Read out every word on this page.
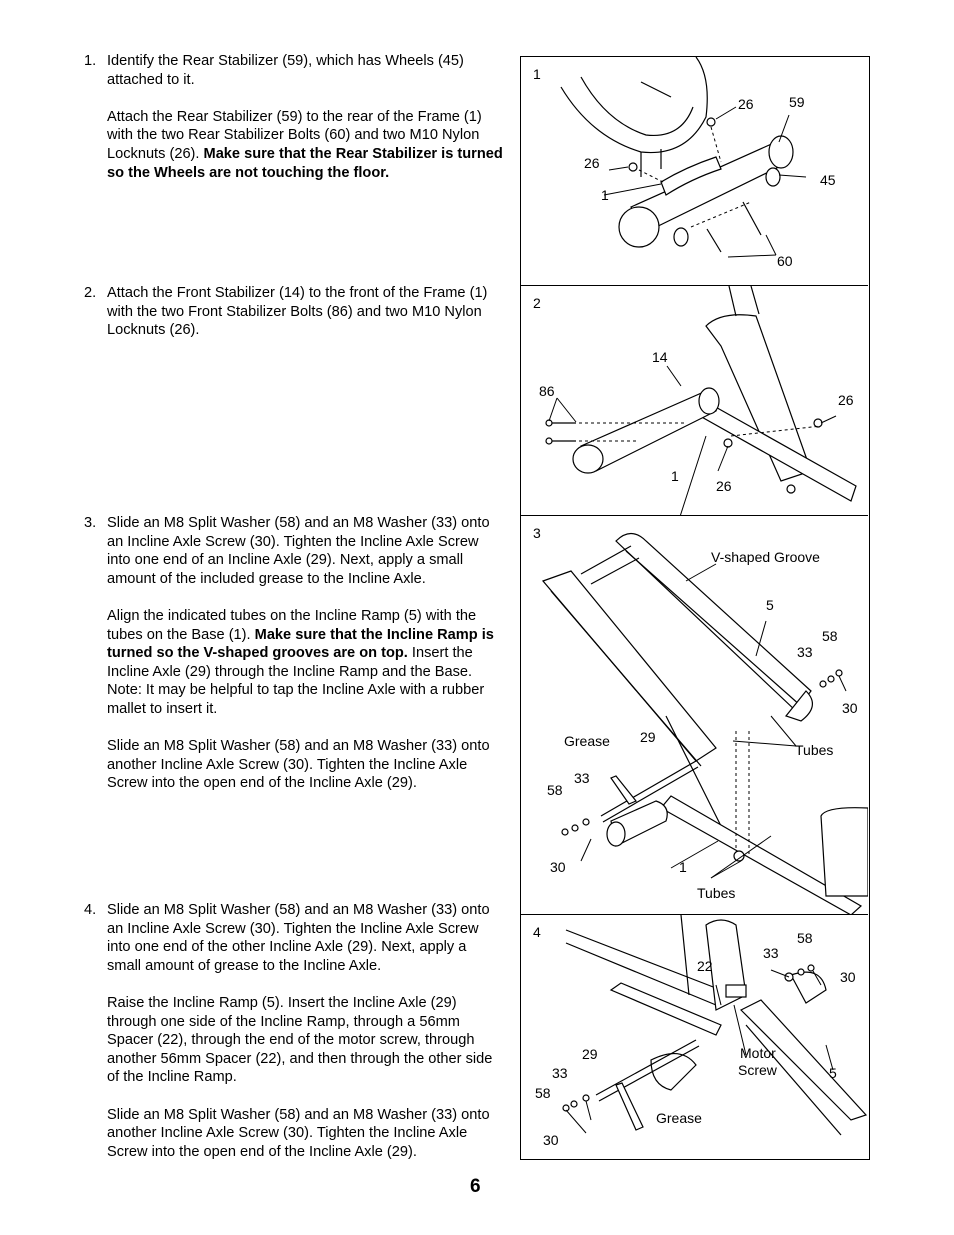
1. Identify the Rear Stabilizer (59), which has Wheels (45) attached to it.

Attach the Rear Stabilizer (59) to the rear of the Frame (1) with the two Rear Stabilizer Bolts (60) and two M10 Nylon Locknuts (26). Make sure that the Rear Stabilizer is turned so the Wheels are not touching the floor.

2. Attach the Front Stabilizer (14) to the front of the Frame (1) with the two Front Stabilizer Bolts (86) and two M10 Nylon Locknuts (26).

3. Slide an M8 Split Washer (58) and an M8 Washer (33) onto an Incline Axle Screw (30). Tighten the Incline Axle Screw into one end of an Incline Axle (29). Next, apply a small amount of the included grease to the Incline Axle.

Align the indicated tubes on the Incline Ramp (5) with the tubes on the Base (1). Make sure that the Incline Ramp is turned so the V-shaped grooves are on top. Insert the Incline Axle (29) through the Incline Ramp and the Base. Note: It may be helpful to tap the Incline Axle with a rubber mallet to insert it.

Slide an M8 Split Washer (58) and an M8 Washer (33) onto another Incline Axle Screw (30). Tighten the Incline Axle Screw into the open end of the Incline Axle (29).

4. Slide an M8 Split Washer (58) and an M8 Washer (33) onto an Incline Axle Screw (30). Tighten the Incline Axle Screw into one end of the other Incline Axle (29). Next, apply a small amount of grease to the Incline Axle.

Raise the Incline Ramp (5). Insert the Incline Axle (29) through one side of the Incline Ramp, through a 56mm Spacer (22), through the end of the motor screw, through another 56mm Spacer (22), and then through the other side of the Incline Ramp.

Slide an M8 Split Washer (58) and an M8 Washer (33) onto another Incline Axle Screw (30). Tighten the Incline Axle Screw into the open end of the Incline Axle (29).

6
1
26	59
26
45
1
60
2
14
86
26
1
26
3
V-shaped Groove
5
58
33
30
Tubes
Grease 29
33
58
30	1
Tubes
4	58
33
22
30
Motor
Screw
29
5
33
58
Grease
30
